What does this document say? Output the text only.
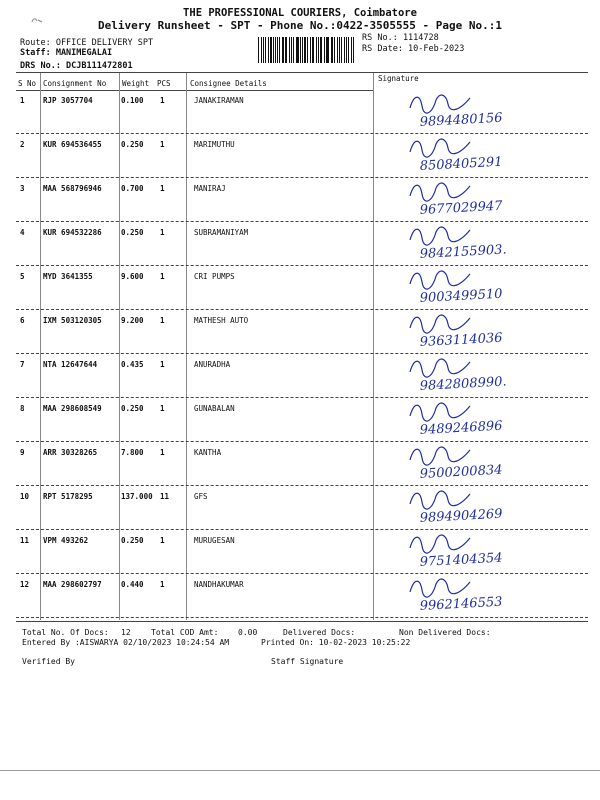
THE PROFESSIONAL COURIERS, Coimbatore
Delivery Runsheet - SPT - Phone No.:0422-3505555 - Page No.:1
Route: OFFICE DELIVERY SPT
Staff: MANIMEGALAI
DRS No.: DCJB111472801
RS No.: 1114728
RS Date: 10-Feb-2023
S No Consignment No Weight PCS	Consignee Details
Signature
1 RJP 3057704	0.100 1	JANAKIRAMAN
9894480156
2 KUR 694536455	0.250 1	MARIMUTHU
8508405291
3 MAA 568796946	0.700 1	MANIRAJ
9677029947
4 KUR 694532286	0.250 1	SUBRAMANIYAM
9842155903.
5 MYD 3641355	9.600 1	CRI PUMPS
9003499510
6 IXM 503120305	9.200 1	MATHESH AUTO
9363114036
7 NTA 12647644	0.435 1	ANURADHA
9842808990.
8 MAA 298608549	0.250 1	GUNABALAN
9489246896
9 ARR 30328265	7.800 1	KANTHA
9500200834
10 RPT 5178295	137.000 11	GFS
9894904269
11 VPM 493262	0.250 1	MURUGESAN
9751404354
12 MAA 298602797	0.440 1	NANDHAKUMAR
9962146553
Total No. Of Docs: 12	Total COD Amt: 0.00	Delivered Docs:	Non Delivered Docs:
Entered By :AISWARYA 02/10/2023 10:24:54 AM	Printed On: 10-02-2023 10:25:22
Verified By	Staff Signature
